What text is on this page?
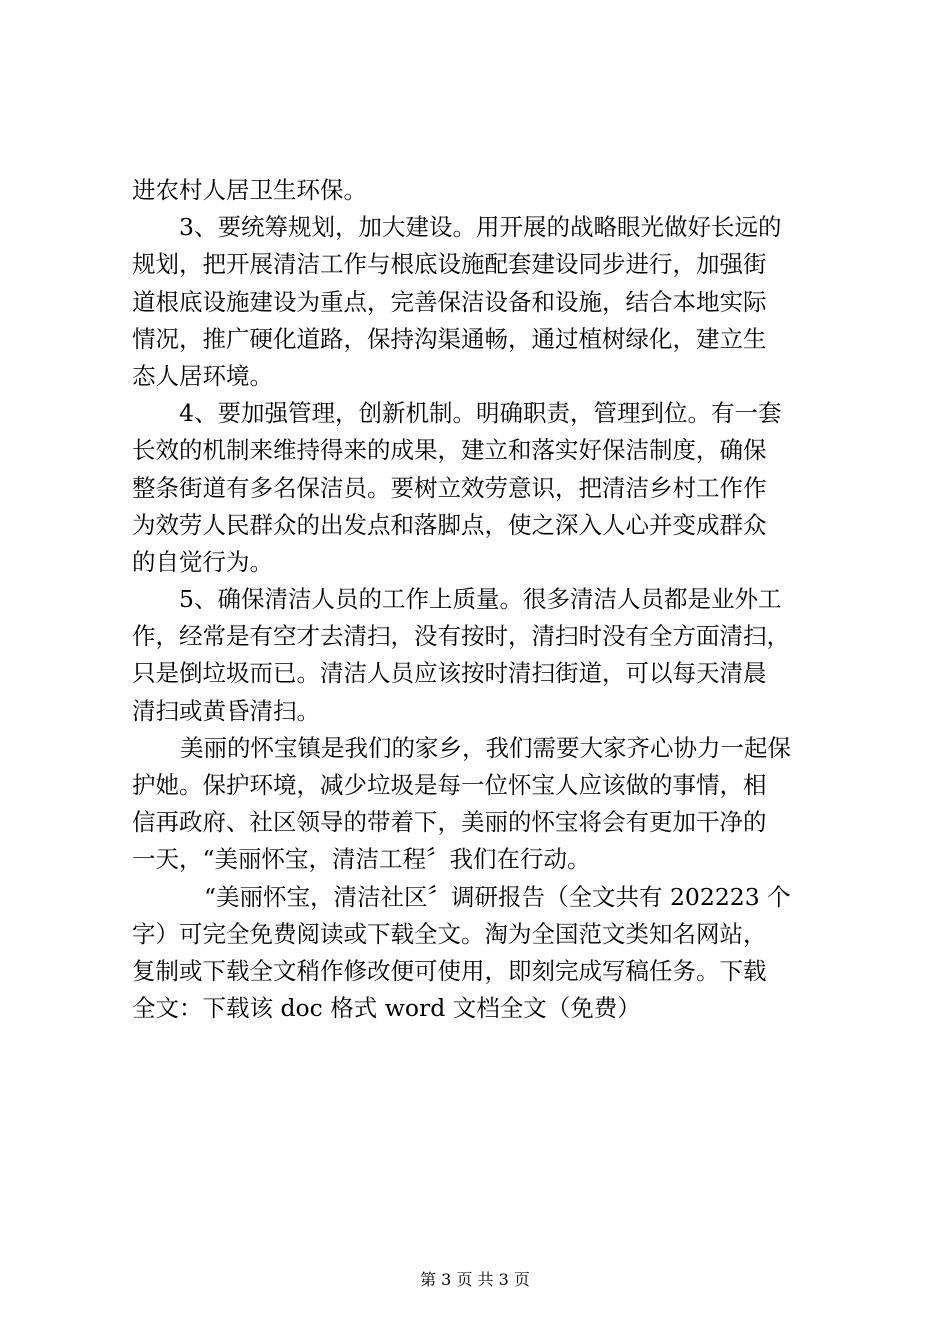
进农村人居卫生环保。
3、要统筹规划，加大建设。用开展的战略眼光做好长远的
规划，把开展清洁工作与根底设施配套建设同步进行，加强街
道根底设施建设为重点，完善保洁设备和设施，结合本地实际
情况，推广硬化道路，保持沟渠通畅，通过植树绿化，建立生
态人居环境。
4、要加强管理，创新机制。明确职责，管理到位。有一套
长效的机制来维持得来的成果，建立和落实好保洁制度，确保
整条街道有多名保洁员。要树立效劳意识，把清洁乡村工作作
为效劳人民群众的出发点和落脚点，使之深入人心并变成群众
的自觉行为。
5、确保清洁人员的工作上质量。很多清洁人员都是业外工
作，经常是有空才去清扫，没有按时，清扫时没有全方面清扫，
只是倒垃圾而已。清洁人员应该按时清扫街道，可以每天清晨
清扫或黄昏清扫。
美丽的怀宝镇是我们的家乡，我们需要大家齐心协力一起保
护她。保护环境，减少垃圾是每一位怀宝人应该做的事情，相
信再政府、社区领导的带着下，美丽的怀宝将会有更加干净的
一天，“美丽怀宝，清洁工程〞我们在行动。
“美丽怀宝，清洁社区〞调研报告（全文共有 202223 个
字）可完全免费阅读或下载全文。淘为全国范文类知名网站，
复制或下载全文稍作修改便可使用，即刻完成写稿任务。下载
全文：下载该 doc 格式 word 文档全文（免费）
第 3 页 共 3 页
